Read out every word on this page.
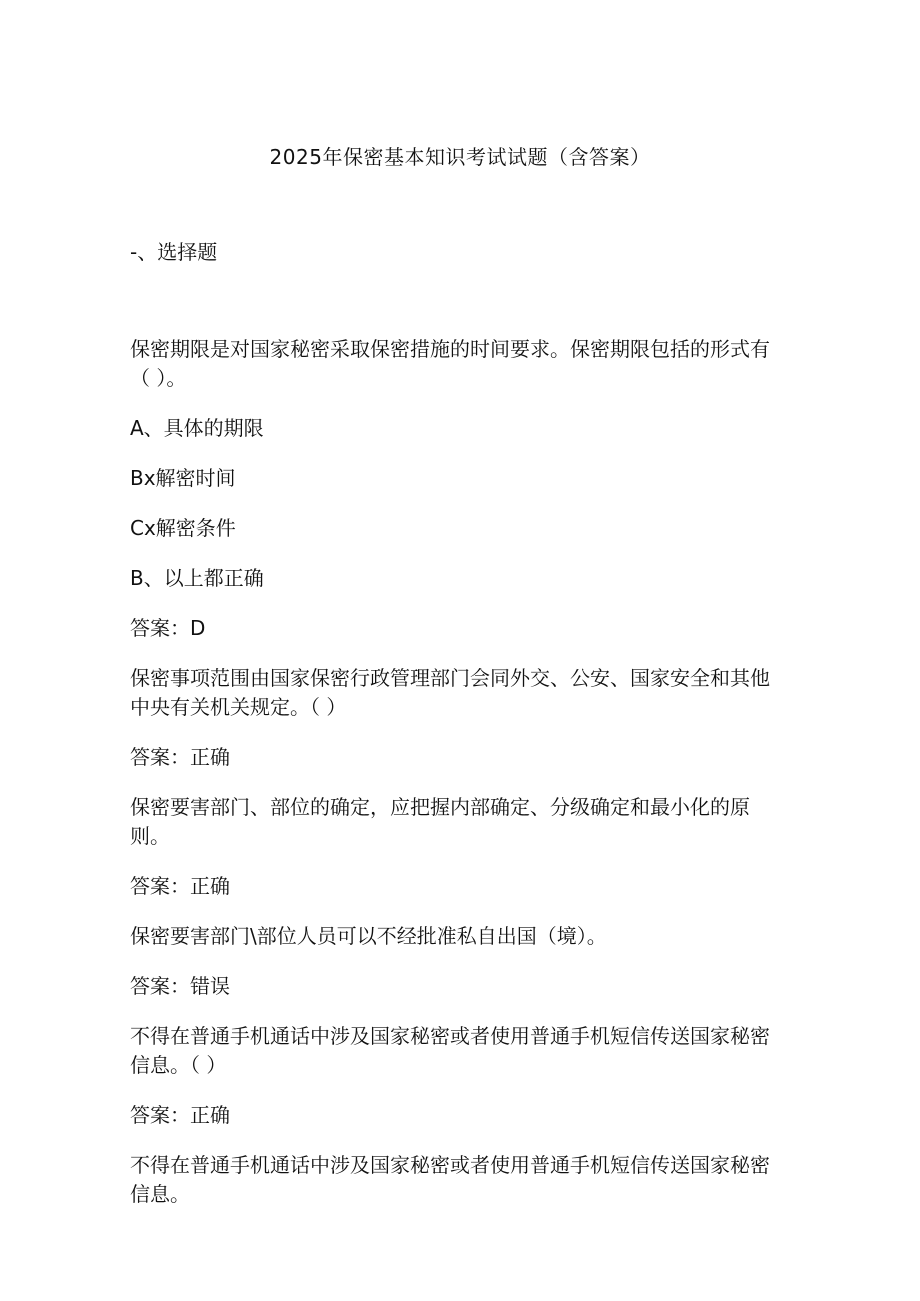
2025年保密基本知识考试试题（含答案）
-、选择题
保密期限是对国家秘密采取保密措施的时间要求。保密期限包括的形式有（ ）。
A、具体的期限
Bx解密时间
Cx解密条件
B、以上都正确
答案：D
保密事项范围由国家保密行政管理部门会同外交、公安、国家安全和其他中央有关机关规定。（ ）
答案：正确
保密要害部门、部位的确定，应把握内部确定、分级确定和最小化的原则。
答案：正确
保密要害部门\部位人员可以不经批准私自出国（境）。
答案：错误
不得在普通手机通话中涉及国家秘密或者使用普通手机短信传送国家秘密信息。（ ）
答案：正确
不得在普通手机通话中涉及国家秘密或者使用普通手机短信传送国家秘密信息。
